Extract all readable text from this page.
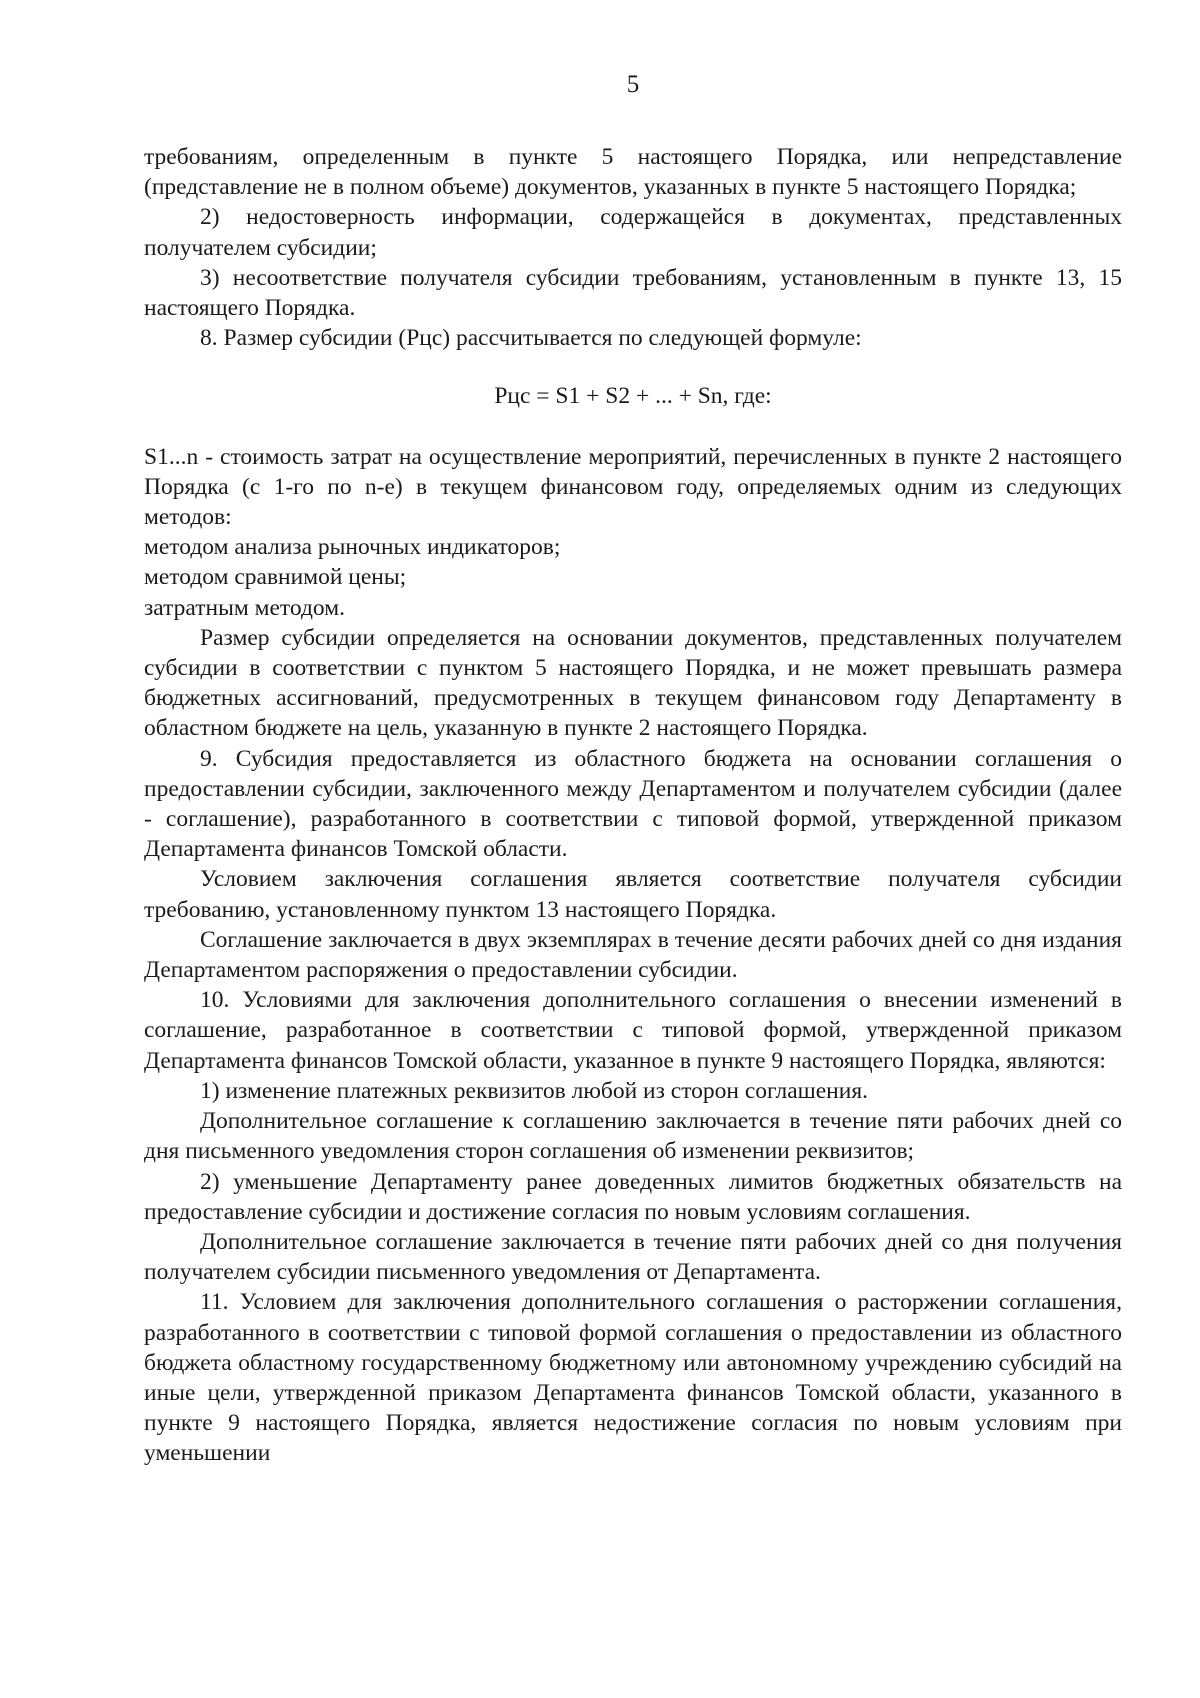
5

требованиям, определенным в пункте 5 настоящего Порядка, или непредставление (представление не в полном объеме) документов, указанных в пункте 5 настоящего Порядка;

2) недостоверность информации, содержащейся в документах, представленных получателем субсидии;

3) несоответствие получателя субсидии требованиям, установленным в пункте 13, 15 настоящего Порядка.

8. Размер субсидии (Рцс) рассчитывается по следующей формуле:

Рцс = S1 + S2 + ... + Sn, где:

S1...n - стоимость затрат на осуществление мероприятий, перечисленных в пункте 2 настоящего Порядка (с 1-го по n-е) в текущем финансовом году, определяемых одним из следующих методов:

методом анализа рыночных индикаторов;

методом сравнимой цены;

затратным методом.

Размер субсидии определяется на основании документов, представленных получателем субсидии в соответствии с пунктом 5 настоящего Порядка, и не может превышать размера бюджетных ассигнований, предусмотренных в текущем финансовом году Департаменту в областном бюджете на цель, указанную в пункте 2 настоящего Порядка.

9. Субсидия предоставляется из областного бюджета на основании соглашения о предоставлении субсидии, заключенного между Департаментом и получателем субсидии (далее - соглашение), разработанного в соответствии с типовой формой, утвержденной приказом Департамента финансов Томской области.

Условием заключения соглашения является соответствие получателя субсидии требованию, установленному пунктом 13 настоящего Порядка.

Соглашение заключается в двух экземплярах в течение десяти рабочих дней со дня издания Департаментом распоряжения о предоставлении субсидии.

10. Условиями для заключения дополнительного соглашения о внесении изменений в соглашение, разработанное в соответствии с типовой формой, утвержденной приказом Департамента финансов Томской области, указанное в пункте 9 настоящего Порядка, являются:

1) изменение платежных реквизитов любой из сторон соглашения.

Дополнительное соглашение к соглашению заключается в течение пяти рабочих дней со дня письменного уведомления сторон соглашения об изменении реквизитов;

2) уменьшение Департаменту ранее доведенных лимитов бюджетных обязательств на предоставление субсидии и достижение согласия по новым условиям соглашения.

Дополнительное соглашение заключается в течение пяти рабочих дней со дня получения получателем субсидии письменного уведомления от Департамента.

11. Условием для заключения дополнительного соглашения о расторжении соглашения, разработанного в соответствии с типовой формой соглашения о предоставлении из областного бюджета областному государственному бюджетному или автономному учреждению субсидий на иные цели, утвержденной приказом Департамента финансов Томской области, указанного в пункте 9 настоящего Порядка, является недостижение согласия по новым условиям при уменьшении
